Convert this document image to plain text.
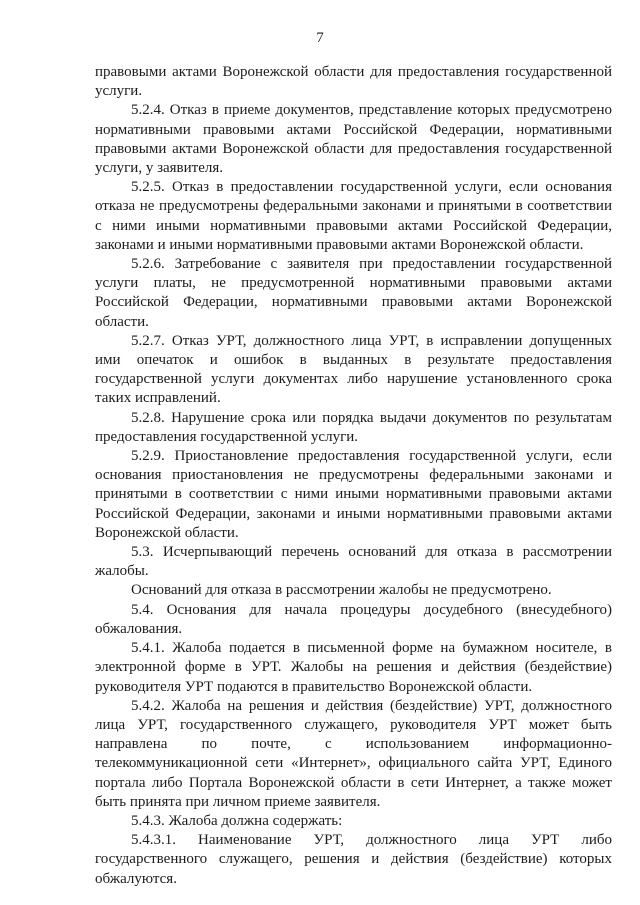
7

правовыми актами Воронежской области для предоставления государственной услуги.

5.2.4. Отказ в приеме документов, представление которых предусмотрено нормативными правовыми актами Российской Федерации, нормативными правовыми актами Воронежской области для предоставления государственной услуги, у заявителя.

5.2.5. Отказ в предоставлении государственной услуги, если основания отказа не предусмотрены федеральными законами и принятыми в соответствии с ними иными нормативными правовыми актами Российской Федерации, законами и иными нормативными правовыми актами Воронежской области.

5.2.6. Затребование с заявителя при предоставлении государственной услуги платы, не предусмотренной нормативными правовыми актами Российской Федерации, нормативными правовыми актами Воронежской области.

5.2.7. Отказ УРТ, должностного лица УРТ, в исправлении допущенных ими опечаток и ошибок в выданных в результате предоставления государственной услуги документах либо нарушение установленного срока таких исправлений.

5.2.8. Нарушение срока или порядка выдачи документов по результатам предоставления государственной услуги.

5.2.9. Приостановление предоставления государственной услуги, если основания приостановления не предусмотрены федеральными законами и принятыми в соответствии с ними иными нормативными правовыми актами Российской Федерации, законами и иными нормативными правовыми актами Воронежской области.

5.3. Исчерпывающий перечень оснований для отказа в рассмотрении жалобы.

Оснований для отказа в рассмотрении жалобы не предусмотрено.

5.4. Основания для начала процедуры досудебного (внесудебного) обжалования.

5.4.1. Жалоба подается в письменной форме на бумажном носителе, в электронной форме в УРТ. Жалобы на решения и действия (бездействие) руководителя УРТ подаются в правительство Воронежской области.

5.4.2. Жалоба на решения и действия (бездействие) УРТ, должностного лица УРТ, государственного служащего, руководителя УРТ может быть направлена по почте, с использованием информационно-телекоммуникационной сети «Интернет», официального сайта УРТ, Единого портала либо Портала Воронежской области в сети Интернет, а также может быть принята при личном приеме заявителя.

5.4.3. Жалоба должна содержать:

5.4.3.1. Наименование УРТ, должностного лица УРТ либо государственного служащего, решения и действия (бездействие) которых обжалуются.
